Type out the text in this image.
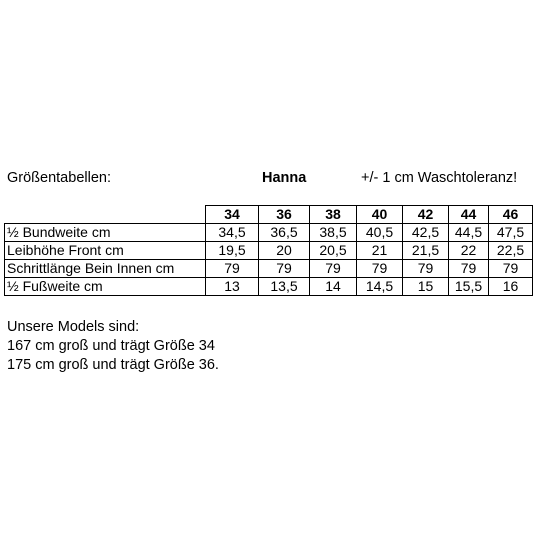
Größentabellen:	Hanna	+/- 1 cm Waschtoleranz!
	34	36	38	40	42	44	46
½ Bundweite cm	34,5	36,5	38,5	40,5	42,5	44,5	47,5
Leibhöhe Front cm	19,5	20	20,5	21	21,5	22	22,5
Schrittlänge Bein Innen cm	79	79	79	79	79	79	79
½ Fußweite cm	13	13,5	14	14,5	15	15,5	16
Unsere Models sind:
167 cm groß und trägt Größe 34
175 cm groß und trägt Größe 36.
